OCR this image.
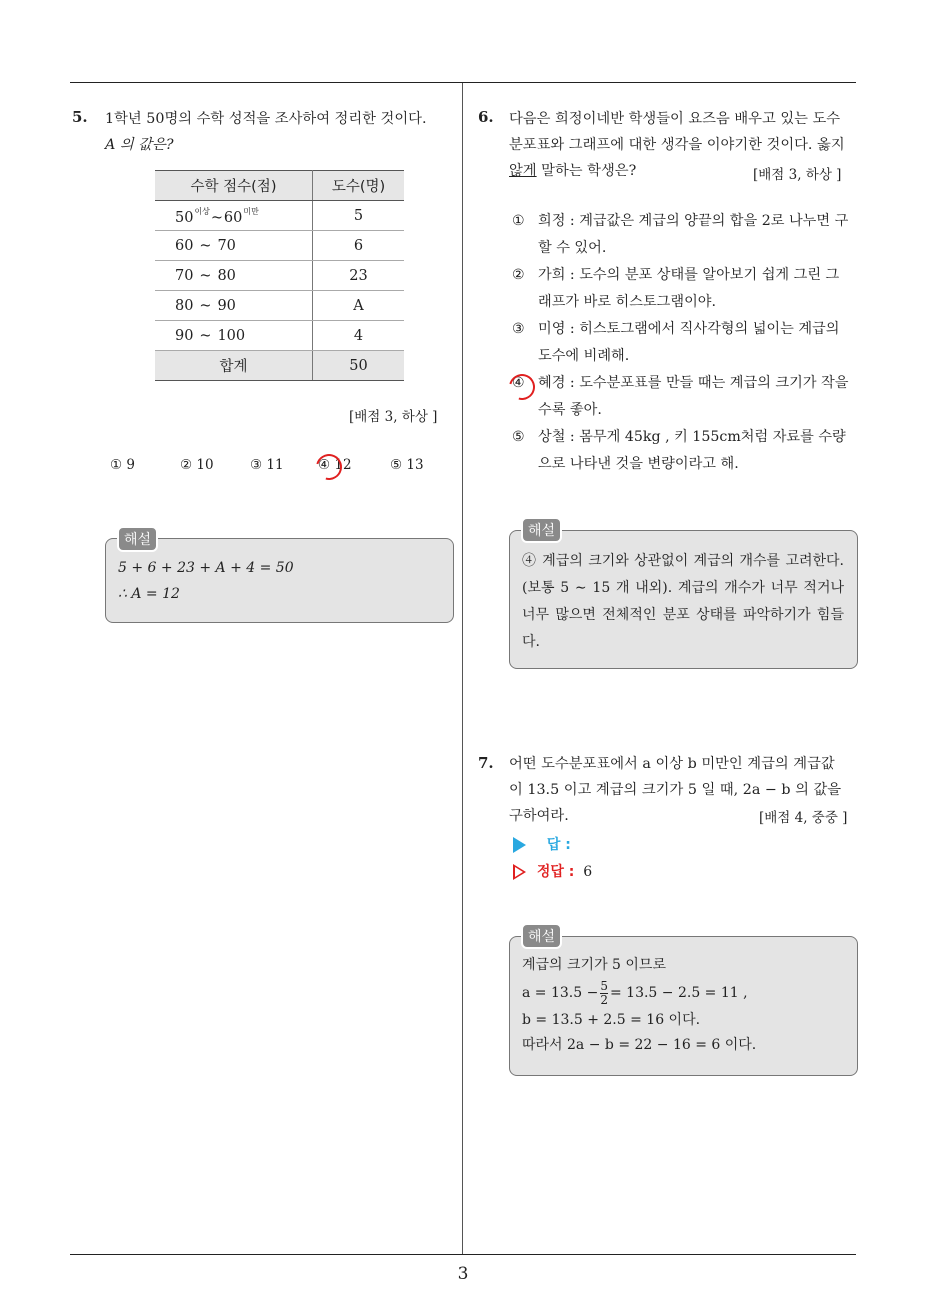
3
5. 1학년 50명의 수학 성적을 조사하여 정리한 것이다.
A 의 값은?
수학 점수(점)	도수(명)
$50^{이상}\sim 60^{미만}$	5
60 ~ 70	6
70 ~ 80	23
80 ~ 90	A
90 ~ 100	4
합계	50
[배점 3, 하상 ]
① 9	② 10	③ 11	④ 12	⑤ 13
해설
5 + 6 + 23 + A + 4 = 50
∴ A = 12
6. 다음은 희정이네반 학생들이 요즈음 배우고 있는 도수
분포표와 그래프에 대한 생각을 이야기한 것이다. 옳지
않게 말하는 학생은?	[배점 3, 하상 ]
① 희정 : 계급값은 계급의 양끝의 합을 2로 나누면 구할 수 있어.
② 가희 : 도수의 분포 상태를 알아보기 쉽게 그린 그래프가 바로 히스토그램이야.
③ 미영 : 히스토그램에서 직사각형의 넓이는 계급의 도수에 비례해.
④ 혜경 : 도수분포표를 만들 때는 계급의 크기가 작을수록 좋아.
⑤ 상철 : 몸무게 45kg , 키 155cm처럼 자료를 수량으로 나타낸 것을 변량이라고 해.
해설
④ 계급의 크기와 상관없이 계급의 개수를 고려한다.(보통 5 ∼ 15 개 내외). 계급의 개수가 너무 적거나 너무 많으면 전체적인 분포 상태를 파악하기가 힘들다.
7. 어떤 도수분포표에서 a 이상 b 미만인 계급의 계급값
이 13.5 이고 계급의 크기가 5 일 때, 2a − b 의 값을
구하여라.	[배점 4, 중중 ]
답 :
정답 : 6
해설
계급의 크기가 5 이므로
$a = 13.5 - \frac{5}{2} = 13.5 - 2.5 = 11$ ,
b = 13.5 + 2.5 = 16 이다.
따라서 2a − b = 22 − 16 = 6 이다.
